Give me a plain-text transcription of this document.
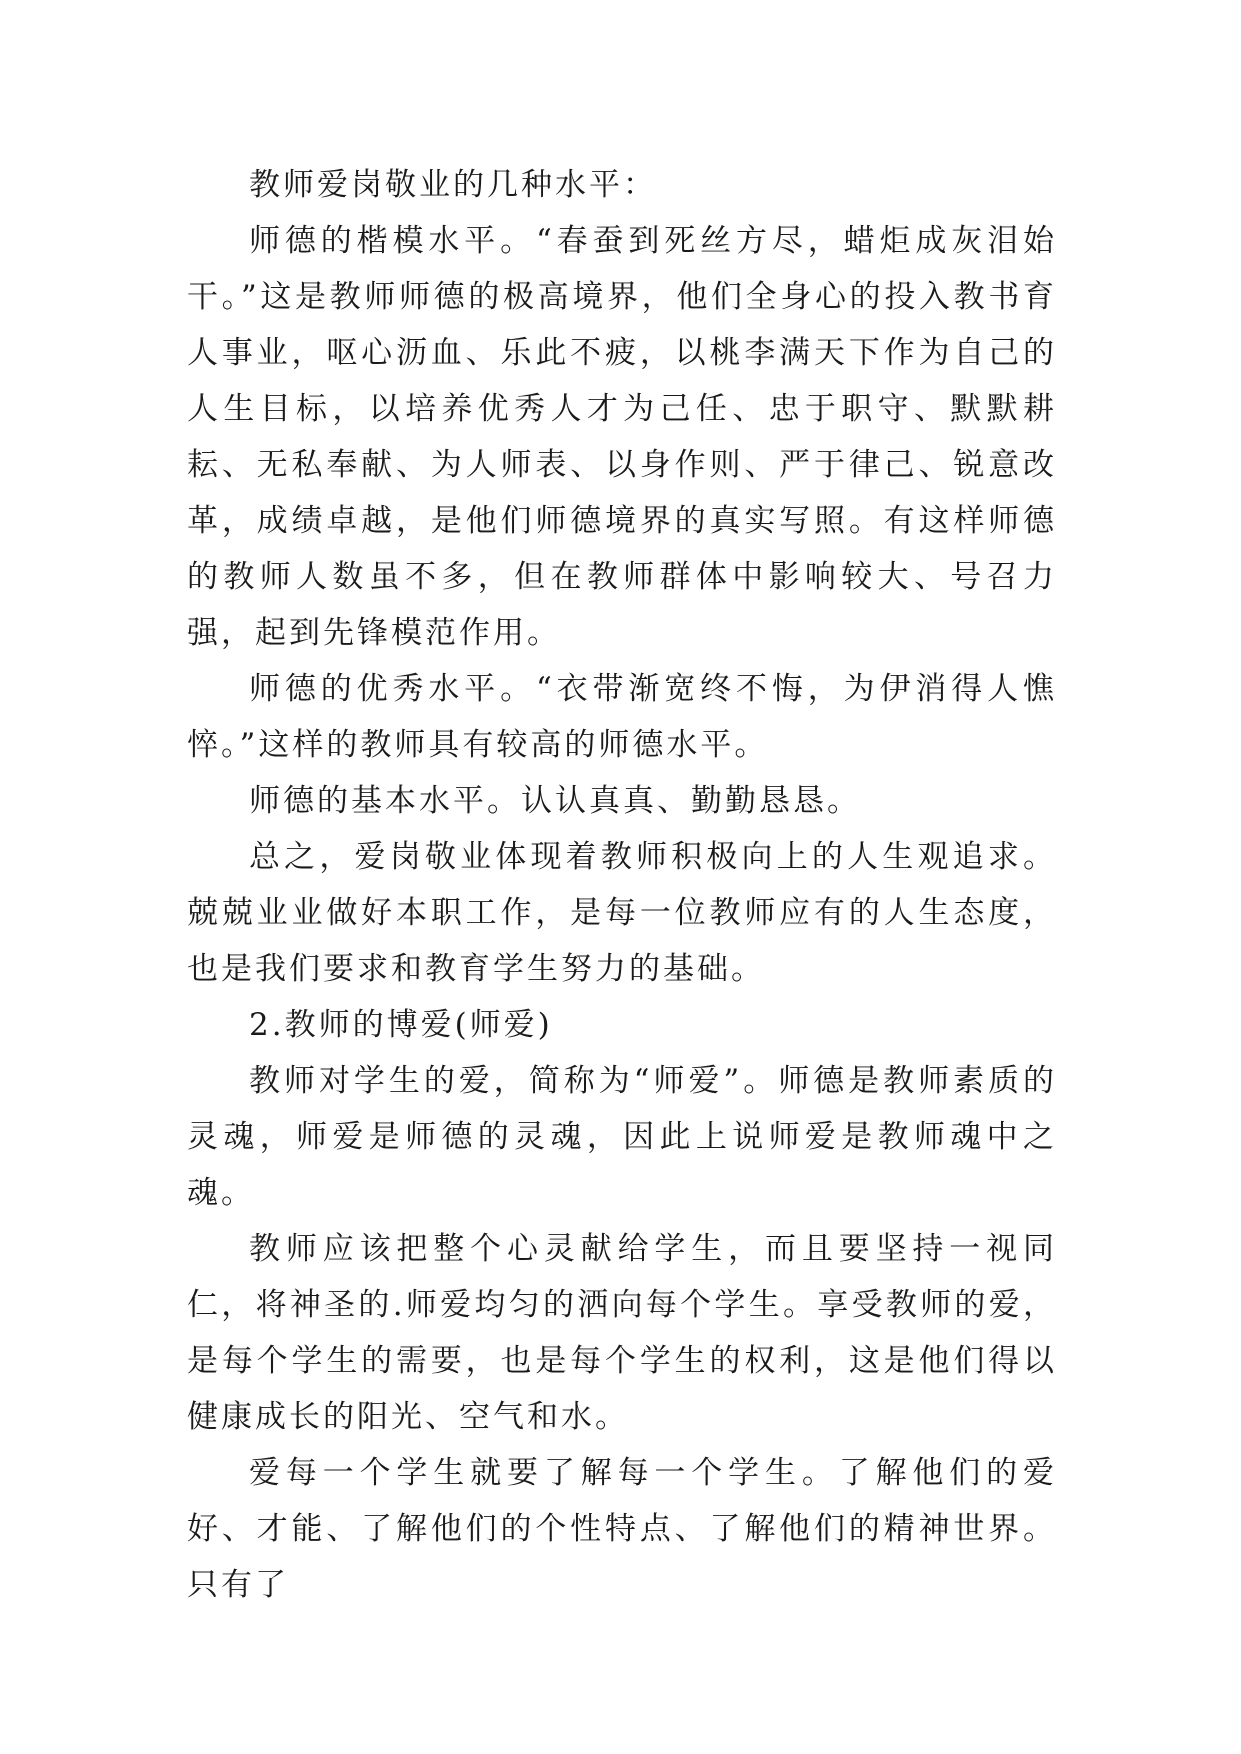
教师爱岗敬业的几种水平：

师德的楷模水平。“春蚕到死丝方尽，蜡炬成灰泪始干。”这是教师师德的极高境界，他们全身心的投入教书育人事业，呕心沥血、乐此不疲，以桃李满天下作为自己的人生目标，以培养优秀人才为己任、忠于职守、默默耕耘、无私奉献、为人师表、以身作则、严于律己、锐意改革，成绩卓越，是他们师德境界的真实写照。有这样师德的教师人数虽不多，但在教师群体中影响较大、号召力强，起到先锋模范作用。

师德的优秀水平。“衣带渐宽终不悔，为伊消得人憔悴。”这样的教师具有较高的师德水平。

师德的基本水平。认认真真、勤勤恳恳。

总之，爱岗敬业体现着教师积极向上的人生观追求。兢兢业业做好本职工作，是每一位教师应有的人生态度，也是我们要求和教育学生努力的基础。

2.教师的博爱(师爱)

教师对学生的爱，简称为“师爱”。师德是教师素质的灵魂，师爱是师德的灵魂，因此上说师爱是教师魂中之魂。

教师应该把整个心灵献给学生，而且要坚持一视同仁，将神圣的.师爱均匀的洒向每个学生。享受教师的爱，是每个学生的需要，也是每个学生的权利，这是他们得以健康成长的阳光、空气和水。

爱每一个学生就要了解每一个学生。了解他们的爱好、才能、了解他们的个性特点、了解他们的精神世界。只有了
